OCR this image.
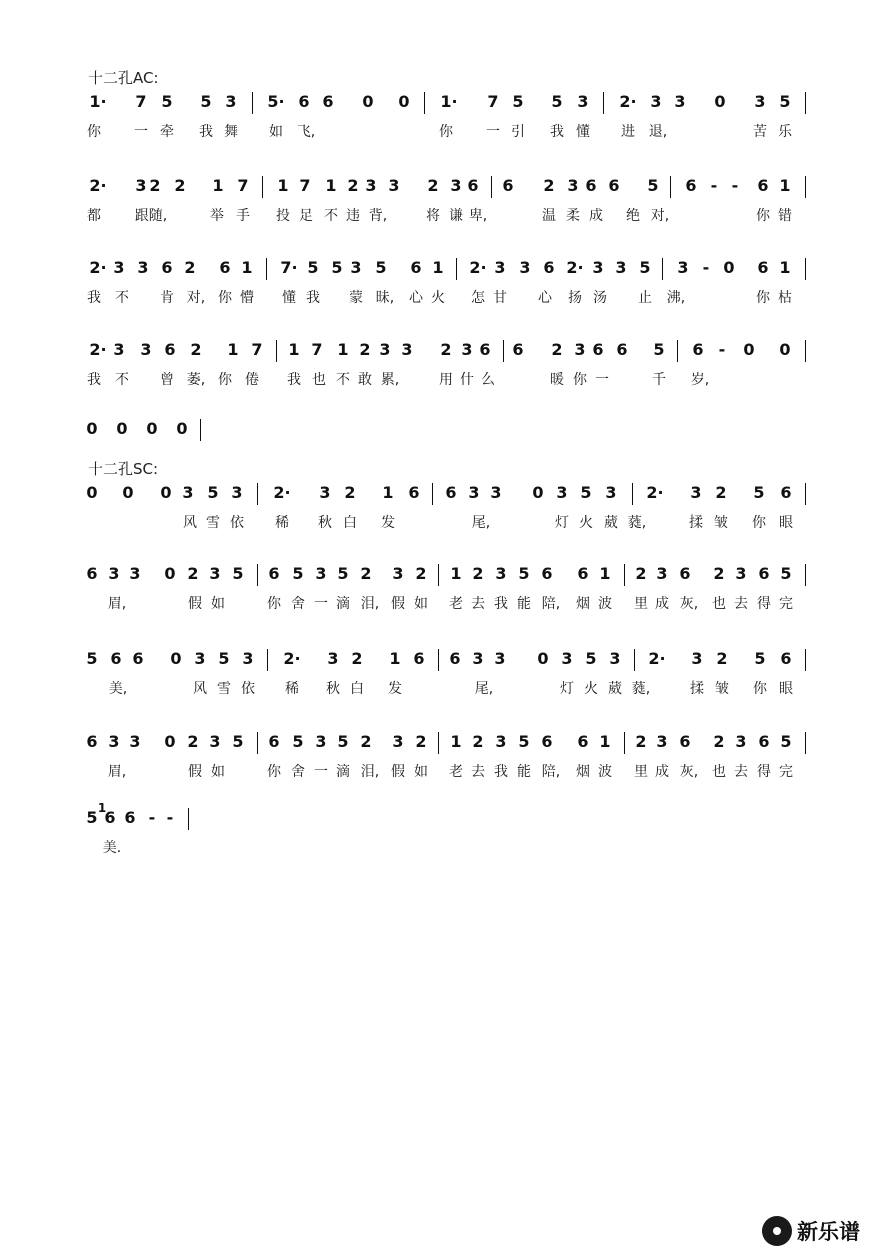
十二孔AC:

1· 7 5 5 3 5· 6 6 0 0 1· 7 5 5 3 2· 3 3 0 3 5
你 一 牵 我 舞 如 飞,	你 一 引 我 懂 进 退,	苦 乐
2· 3 2 2 1 7 1 7 1 2 3 3 2 3 6 6 2 3 6 6 5 6 - - 6 1
都 跟随,	举 手 投 足 不 违 背,	将 谦 卑,	温 柔 成 绝 对,	你 错
2· 3 3 6 2 6 1 7· 5 5 3 5 6 1 2· 3 3 6 2· 3 3 5 3 - 0 6 1
我 不 肯 对, 你 懵 懂 我 蒙 昧, 心 火 怎 甘 心 扬 汤 止 沸,	你 枯
2· 3 3 6 2 1 7 1 7 1 2 3 3 2 3 6 6 2 3 6 6 5 6 - 0 0
我 不 曾 萎, 你 倦 我 也 不 敢 累,	用 什 么	暖 你 一	千 岁,
0 0 0 0

十二孔SC:

0 0 0 3 5 3 2· 3 2 1 6 6 3 3 0 3 5 3 2· 3 2 5 6
风 雪 依 稀 秋 白 发	尾,	灯 火 葳 蕤,	揉 皱 你 眼
6 3 3 0 2 3 5 6 5 3 5 2 3 2 1 2 3 5 6 6 1 2 3 6 2 3 6 5
眉,	假 如	你 舍 一 滴 泪, 假 如 老 去 我 能 陪, 烟 波 里 成 灰, 也 去 得 完
5 6 6 0 3 5 3 2· 3 2 1 6 6 3 3 0 3 5 3 2· 3 2 5 6
美,	风 雪 依 稀 秋 白 发	尾,	灯 火 葳 蕤,	揉 皱 你 眼
6 3 3 0 2 3 5 6 5 3 5 2 3 2 1 2 3 5 6 6 1 2 3 6 2 3 6 5
眉,	假 如	你 舍 一 滴 泪, 假 如 老 去 我 能 陪, 烟 波 里 成 灰, 也 去 得 完
5 1
6 6 - -
美.
新乐谱
